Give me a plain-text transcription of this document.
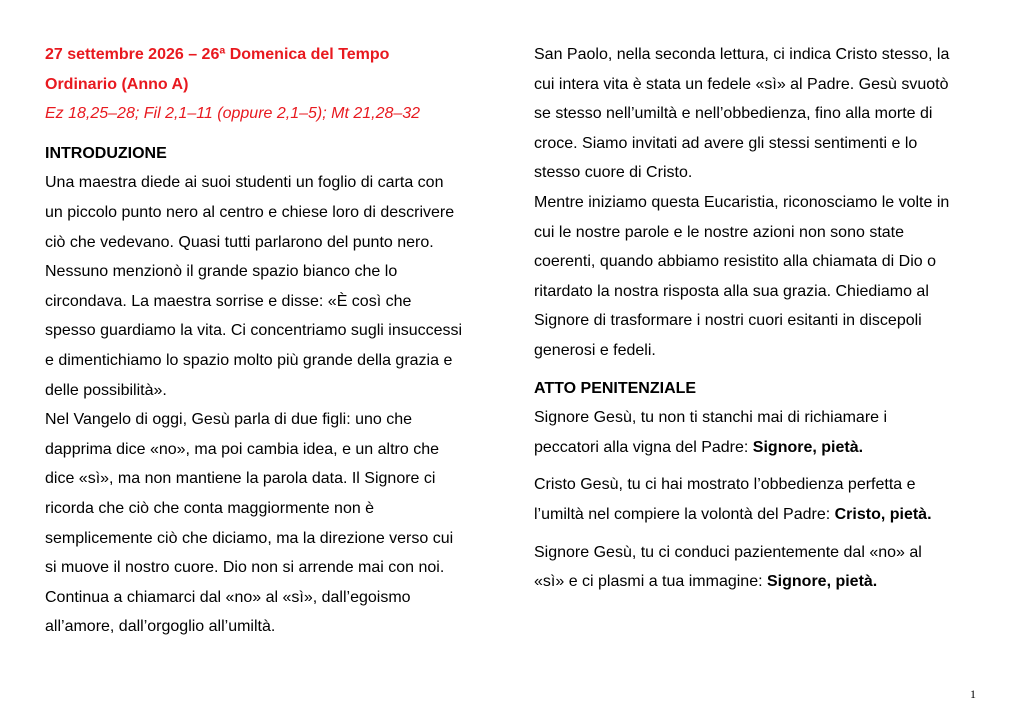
27 settembre 2026 – 26ª Domenica del Tempo
Ordinario (Anno A)
Ez 18,25–28; Fil 2,1–11 (oppure 2,1–5); Mt 21,28–32
INTRODUZIONE
Una maestra diede ai suoi studenti un foglio di carta con
un piccolo punto nero al centro e chiese loro di descrivere
ciò che vedevano. Quasi tutti parlarono del punto nero.
Nessuno menzionò il grande spazio bianco che lo
circondava. La maestra sorrise e disse: «È così che
spesso guardiamo la vita. Ci concentriamo sugli insuccessi
e dimentichiamo lo spazio molto più grande della grazia e
delle possibilità».
Nel Vangelo di oggi, Gesù parla di due figli: uno che
dapprima dice «no», ma poi cambia idea, e un altro che
dice «sì», ma non mantiene la parola data. Il Signore ci
ricorda che ciò che conta maggiormente non è
semplicemente ciò che diciamo, ma la direzione verso cui
si muove il nostro cuore. Dio non si arrende mai con noi.
Continua a chiamarci dal «no» al «sì», dall’egoismo
all’amore, dall’orgoglio all’umiltà.
San Paolo, nella seconda lettura, ci indica Cristo stesso, la
cui intera vita è stata un fedele «sì» al Padre. Gesù svuotò
se stesso nell’umiltà e nell’obbedienza, fino alla morte di
croce. Siamo invitati ad avere gli stessi sentimenti e lo
stesso cuore di Cristo.
Mentre iniziamo questa Eucaristia, riconosciamo le volte in
cui le nostre parole e le nostre azioni non sono state
coerenti, quando abbiamo resistito alla chiamata di Dio o
ritardato la nostra risposta alla sua grazia. Chiediamo al
Signore di trasformare i nostri cuori esitanti in discepoli
generosi e fedeli.
ATTO PENITENZIALE
Signore Gesù, tu non ti stanchi mai di richiamare i
peccatori alla vigna del Padre: Signore, pietà.
Cristo Gesù, tu ci hai mostrato l’obbedienza perfetta e
l’umiltà nel compiere la volontà del Padre: Cristo, pietà.
Signore Gesù, tu ci conduci pazientemente dal «no» al
«sì» e ci plasmi a tua immagine: Signore, pietà.
1
